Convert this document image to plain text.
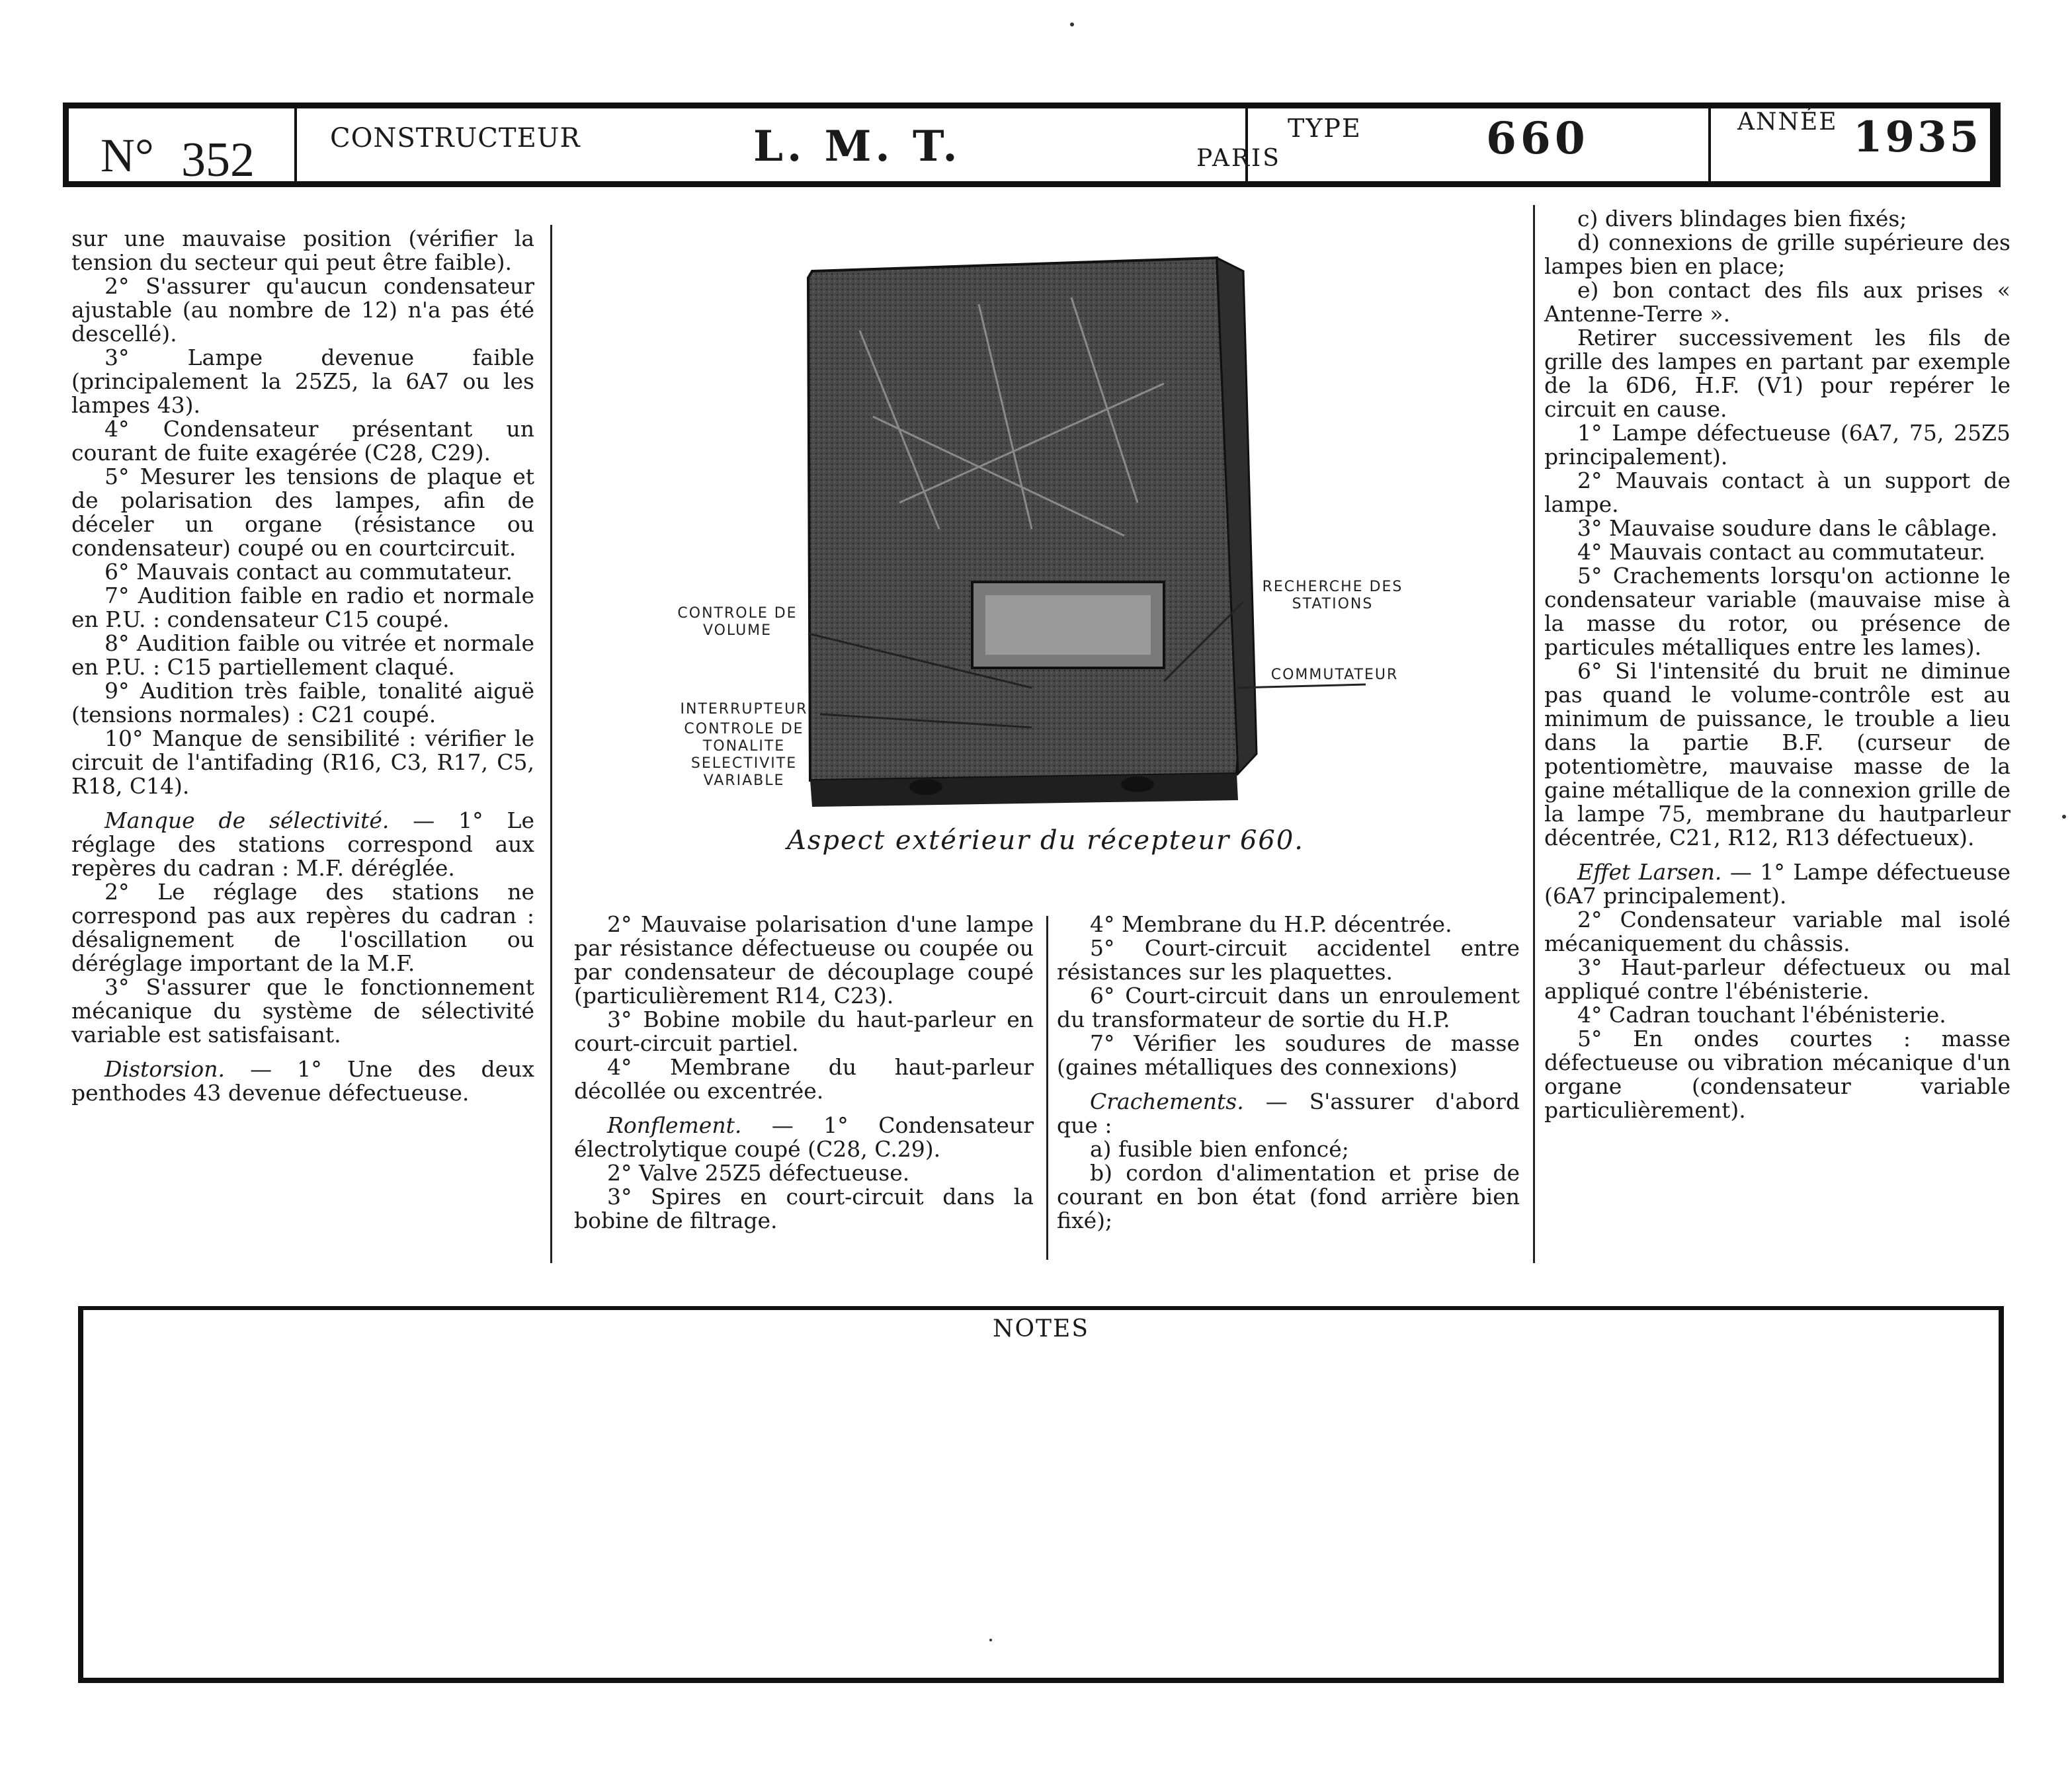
N° 352	CONSTRUCTEUR	L. M. T.	PARIS
TYPE	660	ANNÉE 1935

sur une mauvaise position (vérifier la tension du secteur qui peut être faible).

2° S'assurer qu'aucun condensateur ajustable (au nombre de 12) n'a pas été descellé).

3° Lampe devenue faible (principalement la 25Z5, la 6A7 ou les lampes 43).

4° Condensateur présentant un courant de fuite exagérée (C28, C29).

5° Mesurer les tensions de plaque et de polarisation des lampes, afin de déceler un organe (résistance ou condensateur) coupé ou en courtcircuit.

6° Mauvais contact au commutateur.

7° Audition faible en radio et normale en P.U. : condensateur C15 coupé.

8° Audition faible ou vitrée et normale en P.U. : C15 partiellement claqué.

9° Audition très faible, tonalité aiguë (tensions normales) : C21 coupé.

10° Manque de sensibilité : vérifier le circuit de l'antifading (R16, C3, R17, C5, R18, C14).

Manque de sélectivité. — 1° Le réglage des stations correspond aux repères du cadran : M.F. déréglée.

2° Le réglage des stations ne correspond pas aux repères du cadran : désalignement de l'oscillation ou déréglage important de la M.F.

3° S'assurer que le fonctionnement mécanique du système de sélectivité variable est satisfaisant.

Distorsion. — 1° Une des deux penthodes 43 devenue défectueuse.

CONTROLE DE VOLUME
INTERRUPTEUR
CONTROLE DE TONALITE SELECTIVITE VARIABLE
RECHERCHE DES STATIONS
COMMUTATEUR
Aspect extérieur du récepteur 660.

2° Mauvaise polarisation d'une lampe par résistance défectueuse ou coupée ou par condensateur de découplage coupé (particulièrement R14, C23).

3° Bobine mobile du haut-parleur en court-circuit partiel.

4° Membrane du haut-parleur décollée ou excentrée.

Ronflement. — 1° Condensateur électrolytique coupé (C28, C.29).

2° Valve 25Z5 défectueuse.

3° Spires en court-circuit dans la bobine de filtrage.

4° Membrane du H.P. décentrée.

5° Court-circuit accidentel entre résistances sur les plaquettes.

6° Court-circuit dans un enroulement du transformateur de sortie du H.P.

7° Vérifier les soudures de masse (gaines métalliques des connexions)

Crachements. — S'assurer d'abord que :

a) fusible bien enfoncé;

b) cordon d'alimentation et prise de courant en bon état (fond arrière bien fixé);

c) divers blindages bien fixés;

d) connexions de grille supérieure des lampes bien en place;

e) bon contact des fils aux prises « Antenne-Terre ».

Retirer successivement les fils de grille des lampes en partant par exemple de la 6D6, H.F. (V1) pour repérer le circuit en cause.

1° Lampe défectueuse (6A7, 75, 25Z5 principalement).

2° Mauvais contact à un support de lampe.

3° Mauvaise soudure dans le câblage.

4° Mauvais contact au commutateur.

5° Crachements lorsqu'on actionne le condensateur variable (mauvaise mise à la masse du rotor, ou présence de particules métalliques entre les lames).

6° Si l'intensité du bruit ne diminue pas quand le volume-contrôle est au minimum de puissance, le trouble a lieu dans la partie B.F. (curseur de potentiomètre, mauvaise masse de la gaine métallique de la connexion grille de la lampe 75, membrane du hautparleur décentrée, C21, R12, R13 défectueux).

Effet Larsen. — 1° Lampe défectueuse (6A7 principalement).

2° Condensateur variable mal isolé mécaniquement du châssis.

3° Haut-parleur défectueux ou mal appliqué contre l'ébénisterie.

4° Cadran touchant l'ébénisterie.

5° En ondes courtes : masse défectueuse ou vibration mécanique d'un organe (condensateur variable particulièrement).

NOTES
